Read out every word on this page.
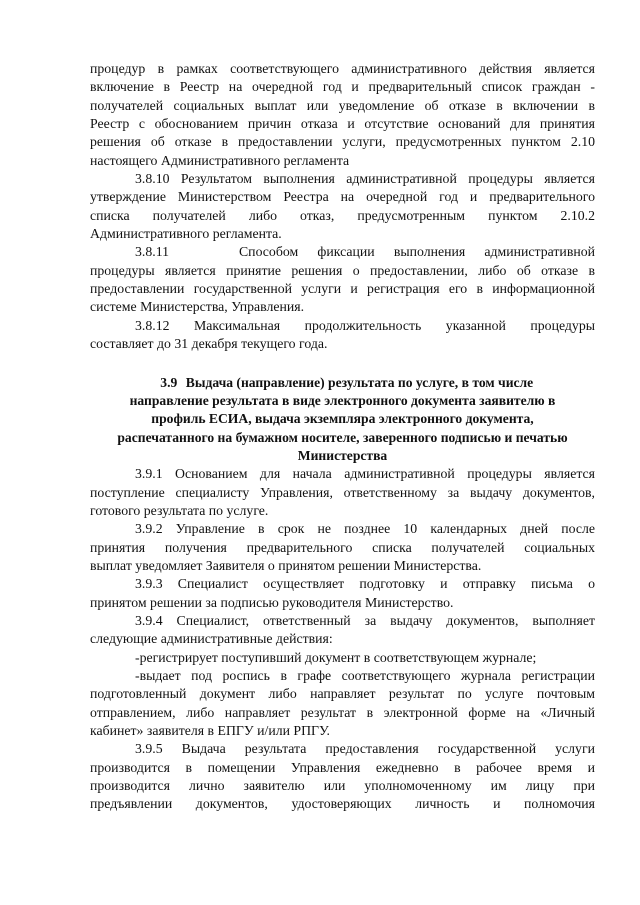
процедур в рамках соответствующего административного действия является

включение в Реестр на очередной год и предварительный список граждан -

получателей социальных выплат или уведомление об отказе в включении в

Реестр с обоснованием причин отказа и отсутствие оснований для принятия

решения об отказе в предоставлении услуги, предусмотренных пунктом 2.10

настоящего Административного регламента

3.8.10 Результатом выполнения административной процедуры является

утверждение Министерством Реестра на очередной год и предварительного

списка получателей либо отказ, предусмотренным пунктом 2.10.2

Административного регламента.

3.8.11	Способом фиксации выполнения административной

процедуры является принятие решения о предоставлении, либо об отказе в

предоставлении государственной услуги и регистрация его в информационной

системе Министерства, Управления.

3.8.12 Максимальная продолжительность указанной процедуры

составляет до 31 декабря текущего года.

3.9 Выдача (направление) результата по услуге, в том числе

направление результата в виде электронного документа заявителю в

профиль ЕСИА, выдача экземпляра электронного документа,

распечатанного на бумажном носителе, заверенного подписью и печатью

Министерства

3.9.1 Основанием для начала административной процедуры является

поступление специалисту Управления, ответственному за выдачу документов,

готового результата по услуге.

3.9.2 Управление в срок не позднее 10 календарных дней после

принятия получения предварительного списка получателей социальных

выплат уведомляет Заявителя о принятом решении Министерства.

3.9.3 Специалист осуществляет подготовку и отправку письма о

принятом решении за подписью руководителя Министерство.

3.9.4 Специалист, ответственный за выдачу документов, выполняет

следующие административные действия:

-регистрирует поступивший документ в соответствующем журнале;

-выдает под роспись в графе соответствующего журнала регистрации

подготовленный документ либо направляет результат по услуге почтовым

отправлением, либо направляет результат в электронной форме на «Личный

кабинет» заявителя в ЕПГУ и/или РПГУ.

3.9.5 Выдача результата предоставления государственной услуги

производится в помещении Управления ежедневно в рабочее время и

производится лично заявителю или уполномоченному им лицу при

предъявлении документов, удостоверяющих личность и полномочия
